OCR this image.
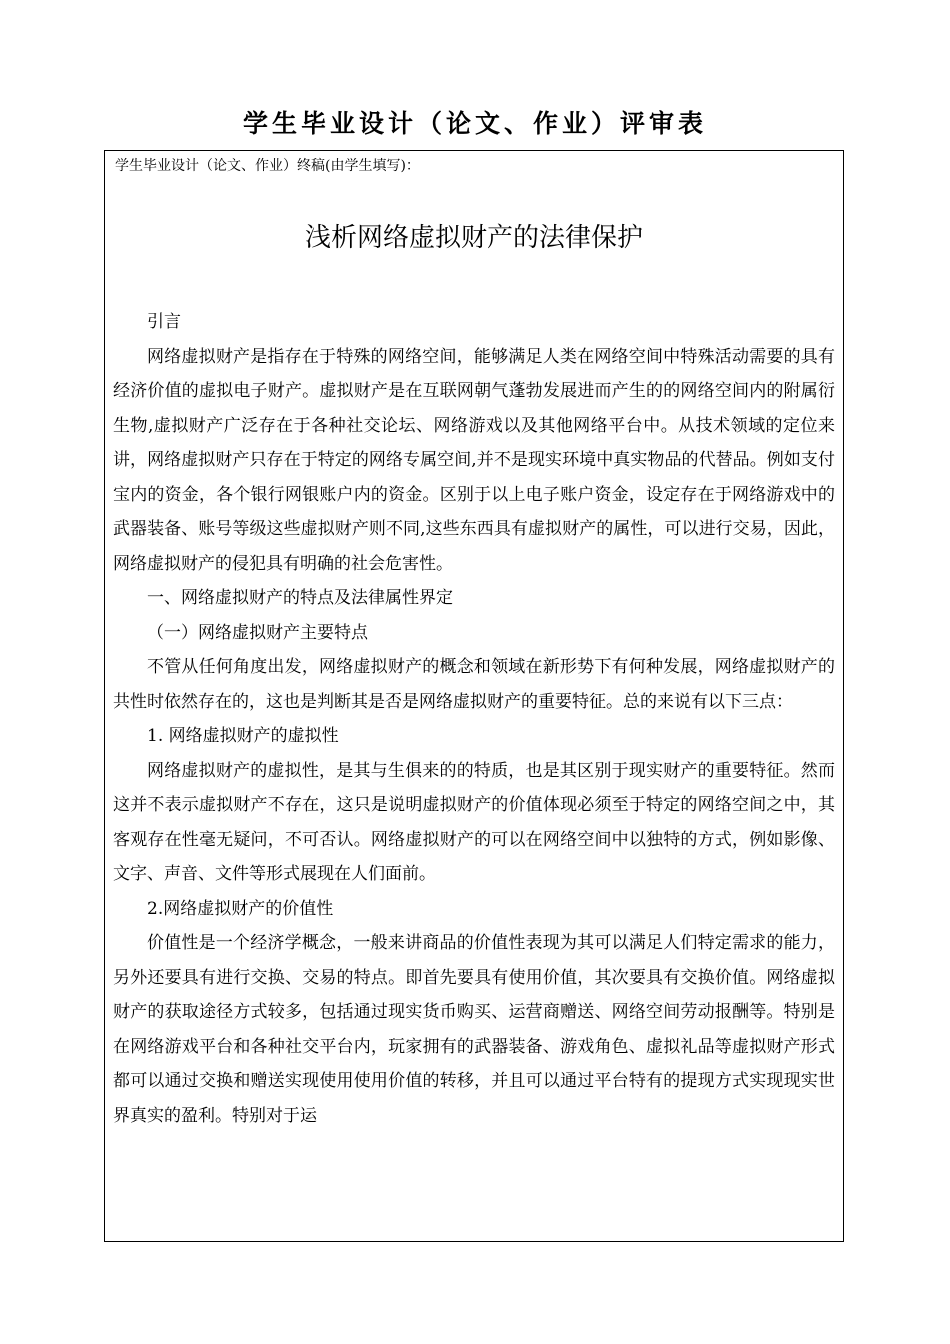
学生毕业设计（论文、作业）评审表
学生毕业设计（论文、作业）终稿(由学生填写)：
浅析网络虚拟财产的法律保护

引言

网络虚拟财产是指存在于特殊的网络空间，能够满足人类在网络空间中特殊活动需要的具有经济价值的虚拟电子财产。虚拟财产是在互联网朝气蓬勃发展进而产生的的网络空间内的附属衍生物,虚拟财产广泛存在于各种社交论坛、网络游戏以及其他网络平台中。从技术领域的定位来讲，网络虚拟财产只存在于特定的网络专属空间,并不是现实环境中真实物品的代替品。例如支付宝内的资金，各个银行网银账户内的资金。区别于以上电子账户资金，设定存在于网络游戏中的武器装备、账号等级这些虚拟财产则不同,这些东西具有虚拟财产的属性，可以进行交易，因此，网络虚拟财产的侵犯具有明确的社会危害性。

一、网络虚拟财产的特点及法律属性界定

（一）网络虚拟财产主要特点

不管从任何角度出发，网络虚拟财产的概念和领域在新形势下有何种发展，网络虚拟财产的共性时依然存在的，这也是判断其是否是网络虚拟财产的重要特征。总的来说有以下三点：

1. 网络虚拟财产的虚拟性

网络虚拟财产的虚拟性，是其与生俱来的的特质，也是其区别于现实财产的重要特征。然而这并不表示虚拟财产不存在，这只是说明虚拟财产的价值体现必须至于特定的网络空间之中，其客观存在性毫无疑问，不可否认。网络虚拟财产的可以在网络空间中以独特的方式，例如影像、文字、声音、文件等形式展现在人们面前。

2.网络虚拟财产的价值性

价值性是一个经济学概念，一般来讲商品的价值性表现为其可以满足人们特定需求的能力，另外还要具有进行交换、交易的特点。即首先要具有使用价值，其次要具有交换价值。网络虚拟财产的获取途径方式较多，包括通过现实货币购买、运营商赠送、网络空间劳动报酬等。特别是在网络游戏平台和各种社交平台内，玩家拥有的武器装备、游戏角色、虚拟礼品等虚拟财产形式都可以通过交换和赠送实现使用使用价值的转移，并且可以通过平台特有的提现方式实现现实世界真实的盈利。特别对于运
